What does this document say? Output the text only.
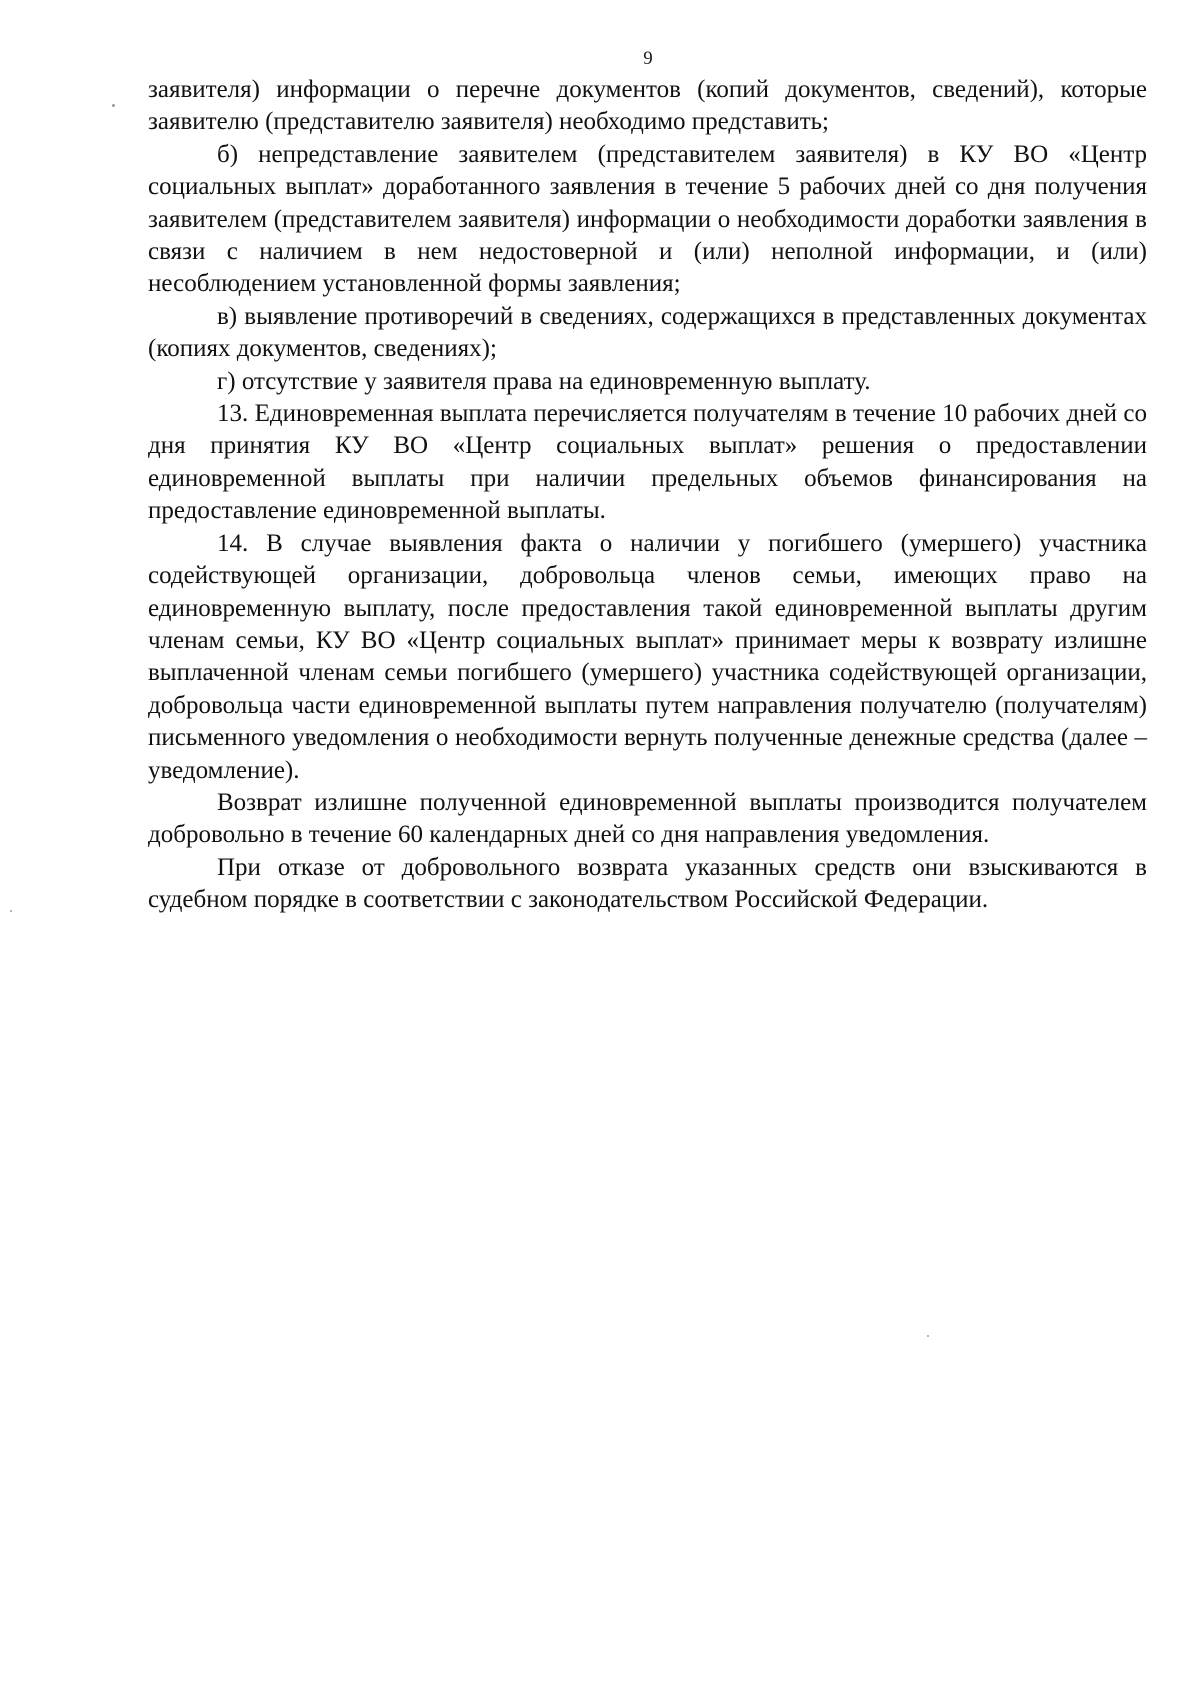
9

заявителя) информации о перечне документов (копий документов, сведений), которые заявителю (представителю заявителя) необходимо представить;

б) непредставление заявителем (представителем заявителя) в КУ ВО «Центр социальных выплат» доработанного заявления в течение 5 рабочих дней со дня получения заявителем (представителем заявителя) информации о необходимости доработки заявления в связи с наличием в нем недостоверной и (или) неполной информации, и (или) несоблюдением установленной формы заявления;

в) выявление противоречий в сведениях, содержащихся в представленных документах (копиях документов, сведениях);

г) отсутствие у заявителя права на единовременную выплату.

13. Единовременная выплата перечисляется получателям в течение 10 рабочих дней со дня принятия КУ ВО «Центр социальных выплат» решения о предоставлении единовременной выплаты при наличии предельных объемов финансирования на предоставление единовременной выплаты.

14. В случае выявления факта о наличии у погибшего (умершего) участника содействующей организации, добровольца членов семьи, имеющих право на единовременную выплату, после предоставления такой единовременной выплаты другим членам семьи, КУ ВО «Центр социальных выплат» принимает меры к возврату излишне выплаченной членам семьи погибшего (умершего) участника содействующей организации, добровольца части единовременной выплаты путем направления получателю (получателям) письменного уведомления о необходимости вернуть полученные денежные средства (далее – уведомление).

Возврат излишне полученной единовременной выплаты производится получателем добровольно в течение 60 календарных дней со дня направления уведомления.

При отказе от добровольного возврата указанных средств они взыскиваются в судебном порядке в соответствии с законодательством Российской Федерации.
